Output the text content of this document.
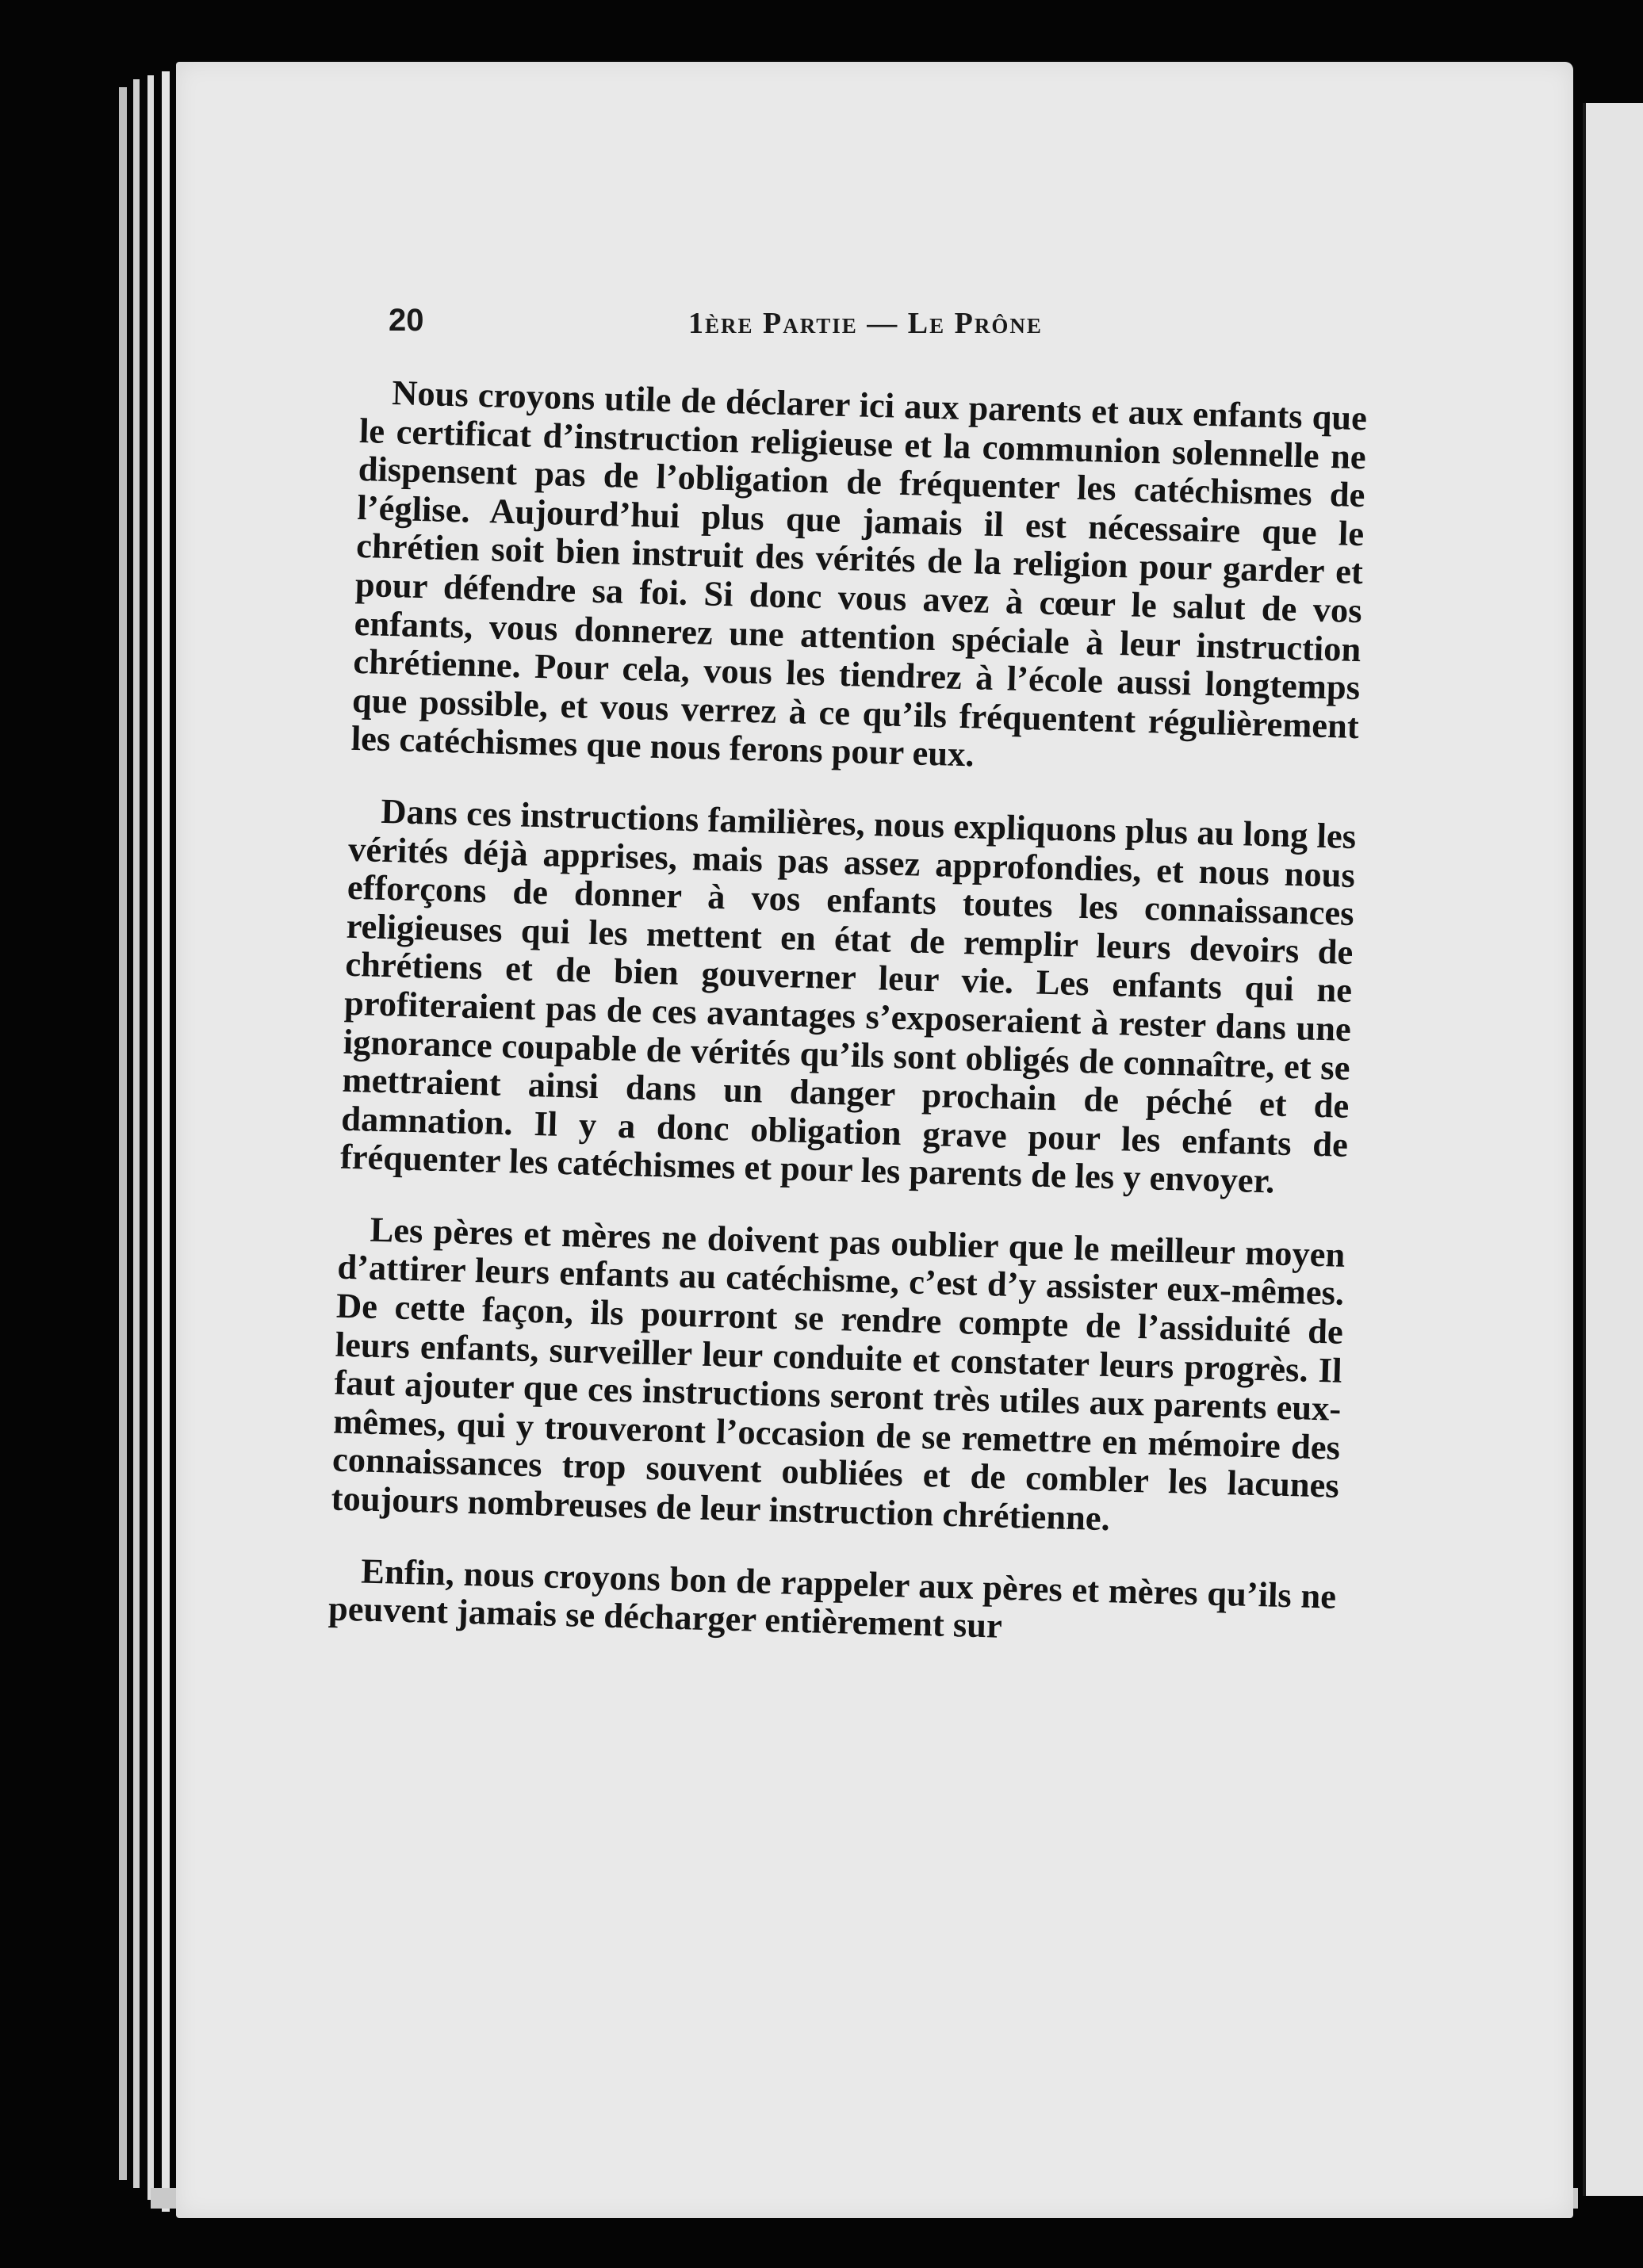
20	1ère Partie — Le Prône

Nous croyons utile de déclarer ici aux parents et aux enfants que le certificat d’instruction religieuse et la communion solennelle ne dispensent pas de l’obligation de fréquenter les catéchismes de l’église. Aujourd’hui plus que jamais il est nécessaire que le chrétien soit bien instruit des vérités de la religion pour garder et pour défendre sa foi. Si donc vous avez à cœur le salut de vos enfants, vous donnerez une attention spéciale à leur instruction chrétienne. Pour cela, vous les tiendrez à l’école aussi longtemps que possible, et vous verrez à ce qu’ils fréquentent régulièrement les catéchismes que nous ferons pour eux.

Dans ces instructions familières, nous expliquons plus au long les vérités déjà apprises, mais pas assez approfondies, et nous nous efforçons de donner à vos enfants toutes les connaissances religieuses qui les mettent en état de remplir leurs devoirs de chrétiens et de bien gouverner leur vie. Les enfants qui ne profiteraient pas de ces avantages s’exposeraient à rester dans une ignorance coupable de vérités qu’ils sont obligés de connaître, et se mettraient ainsi dans un danger prochain de péché et de damnation. Il y a donc obligation grave pour les enfants de fréquenter les catéchismes et pour les parents de les y envoyer.

Les pères et mères ne doivent pas oublier que le meilleur moyen d’attirer leurs enfants au catéchisme, c’est d’y assister eux-mêmes. De cette façon, ils pourront se rendre compte de l’assiduité de leurs enfants, surveiller leur conduite et constater leurs progrès. Il faut ajouter que ces instructions seront très utiles aux parents eux-mêmes, qui y trouveront l’occasion de se remettre en mémoire des connaissances trop souvent oubliées et de combler les lacunes toujours nombreuses de leur instruction chrétienne.

Enfin, nous croyons bon de rappeler aux pères et mères qu’ils ne peuvent jamais se décharger entièrement sur
